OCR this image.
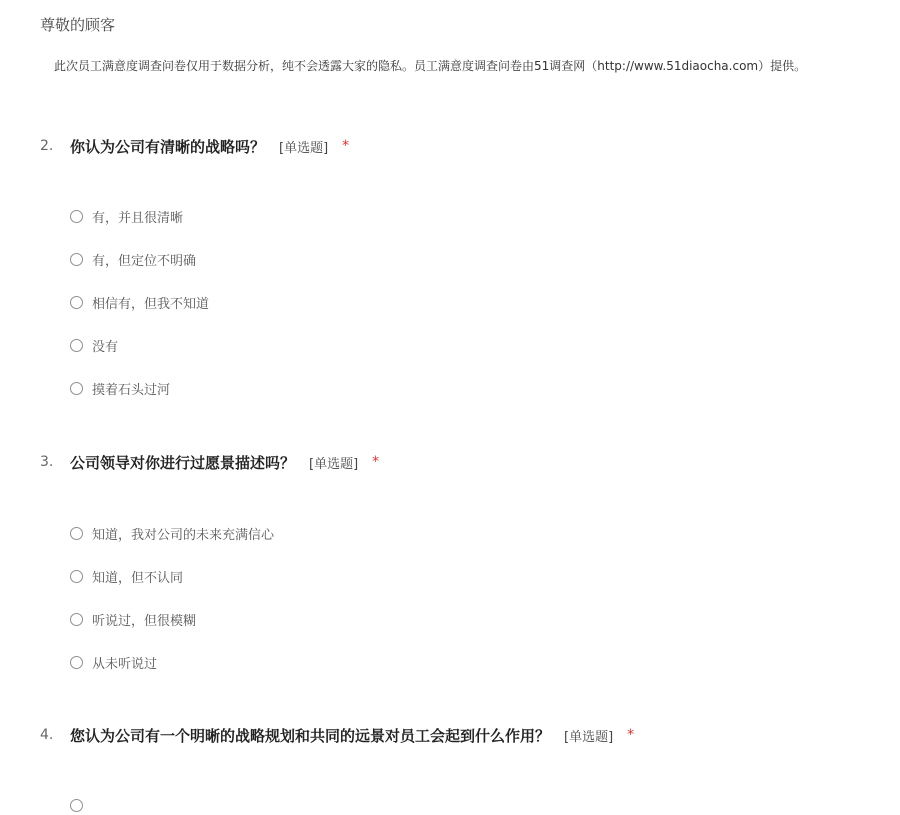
尊敬的顾客
此次员工满意度调查问卷仅用于数据分析，纯不会透露大家的隐私。员工满意度调查问卷由51调查网（http://www.51diaocha.com）提供。
2.	你认为公司有清晰的战略吗？ [单选题] *
有，并且很清晰
有，但定位不明确
相信有，但我不知道
没有
摸着石头过河
3.	公司领导对你进行过愿景描述吗？ [单选题] *
知道，我对公司的未来充满信心
知道，但不认同
听说过，但很模糊
从未听说过
4.	您认为公司有一个明晰的战略规划和共同的远景对员工会起到什么作用？ [单选题] *
